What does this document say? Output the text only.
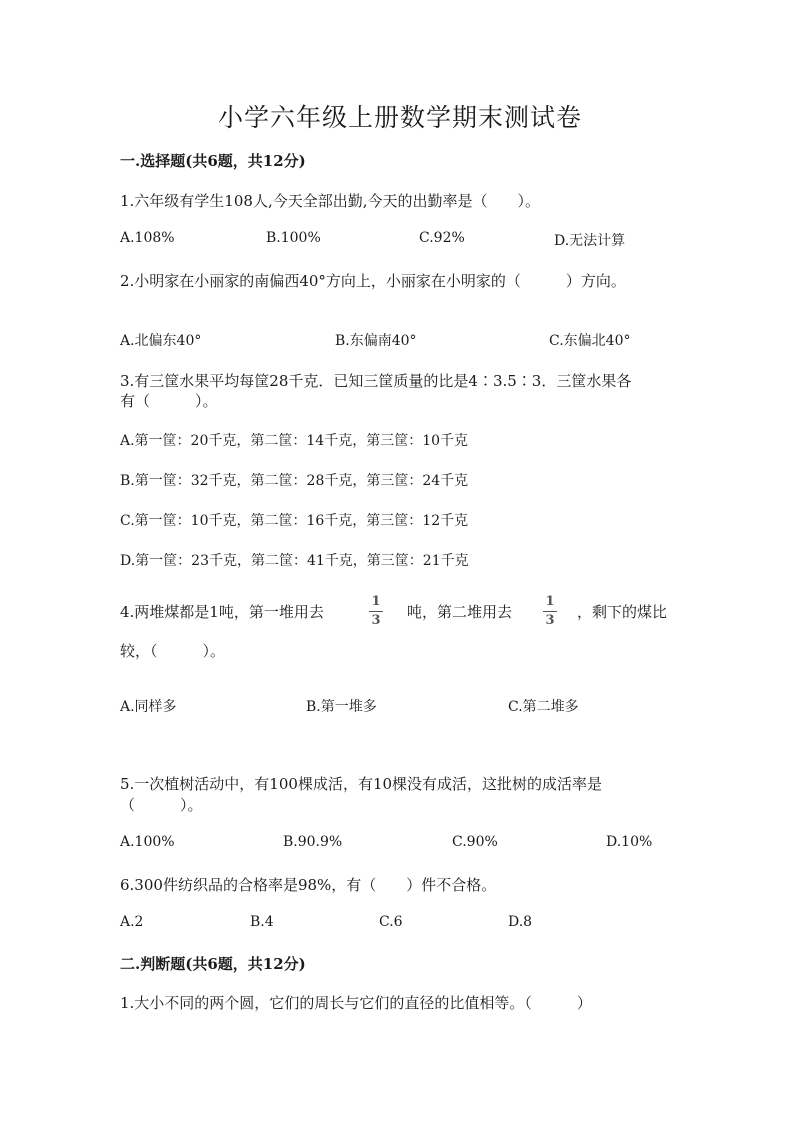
小学六年级上册数学期末测试卷
一.选择题(共6题，共12分)
1.六年级有学生108人,今天全部出勤,今天的出勤率是（　　）。
A.108%	B.100%	C.92%	D.无法计算
2.小明家在小丽家的南偏西40°方向上，小丽家在小明家的（　　　）方向。
A.北偏东40°	B.东偏南40°	C.东偏北40°
3.有三筐水果平均每筐28千克．已知三筐质量的比是4∶3.5∶3．三筐水果各
有（　　　）。
A.第一筐：20千克，第二筐：14千克，第三筐：10千克
B.第一筐：32千克，第二筐：28千克，第三筐：24千克
C.第一筐：10千克，第二筐：16千克，第三筐：12千克
D.第一筐：23千克，第二筐：41千克，第三筐：21千克
4.两堆煤都是1吨，第一堆用去
1
3 吨，第二堆用去
1
3 ，剩下的煤比
较，（　　　）。
A.同样多	B.第一堆多	C.第二堆多
5.一次植树活动中，有100棵成活，有10棵没有成活，这批树的成活率是
（　　　）。
A.100%	B.90.9%	C.90%	D.10%
6.300件纺织品的合格率是98%，有（　　）件不合格。
A.2	B.4	C.6	D.8
二.判断题(共6题，共12分)
1.大小不同的两个圆，它们的周长与它们的直径的比值相等。（　　　）
